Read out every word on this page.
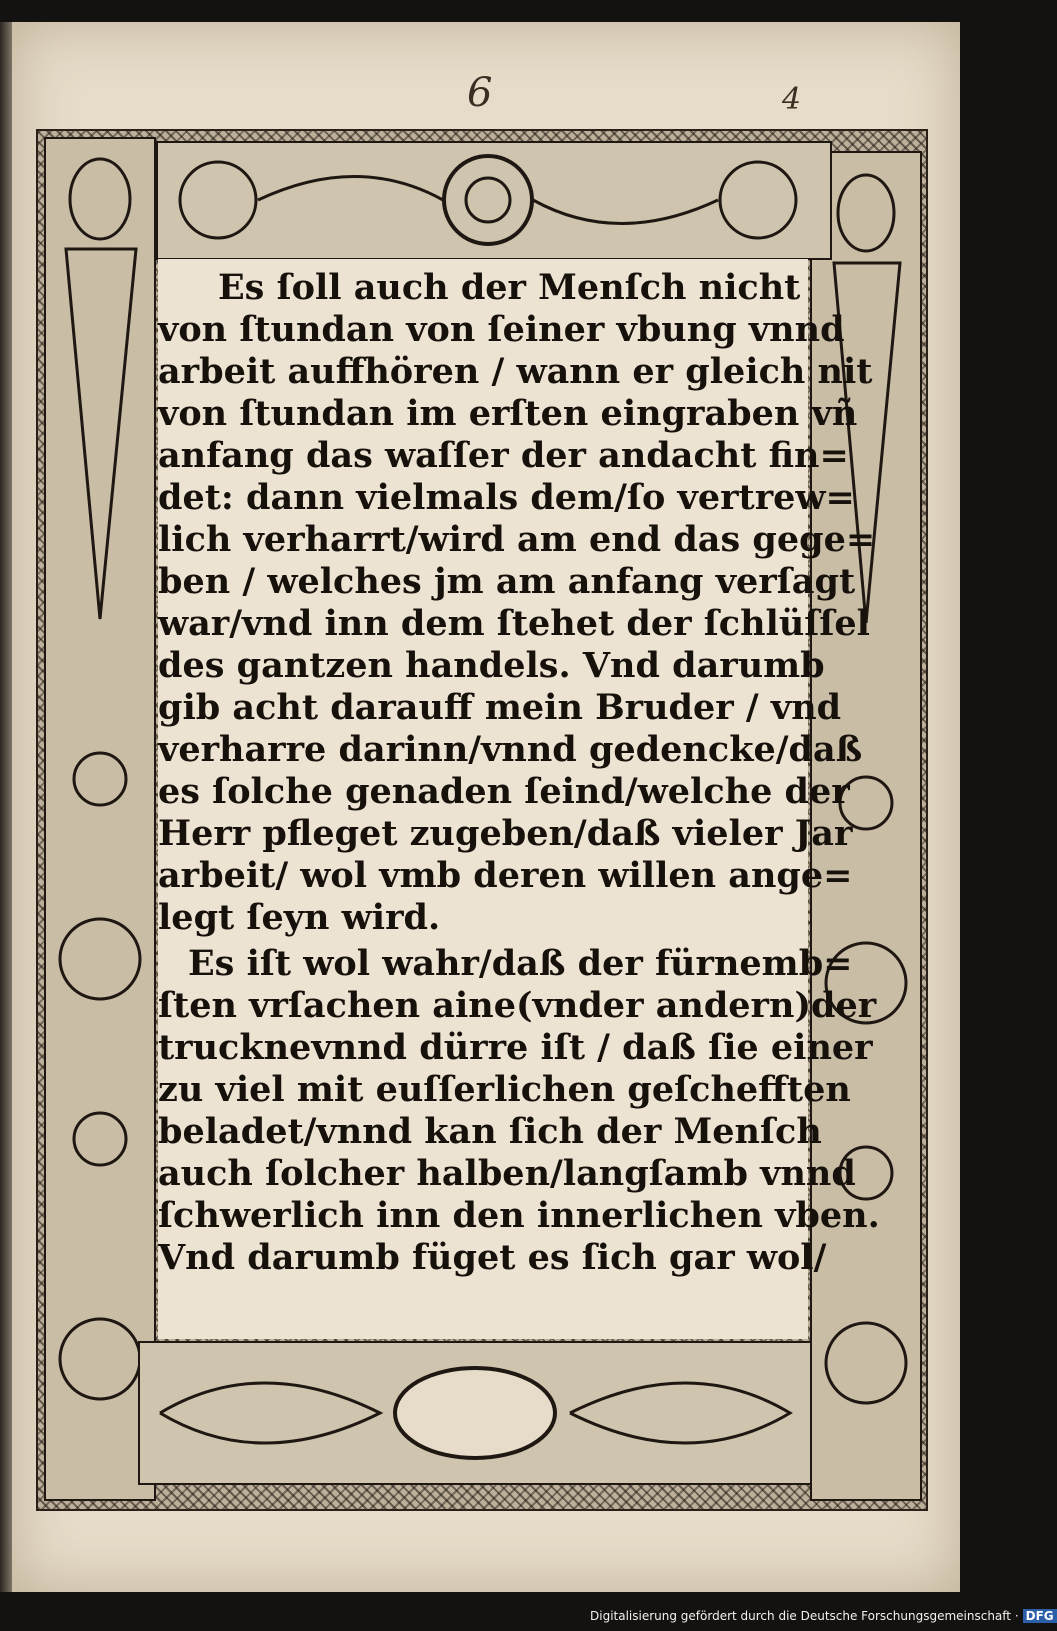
6	4
Es ſoll auch der Menſch nicht
von ſtundan von ſeiner vbung vnnd
arbeit auffhören / wann er gleich nit
von ſtundan im erſten eingraben vñ
anfang das waſſer der andacht fin=
det: dann vielmals dem/ſo vertrew=
lich verharrt/wird am end das gege=
ben / welches jm am anfang verſagt
war/vnd inn dem ſtehet der ſchlüſſel
des gantzen handels. Vnd darumb
gib acht darauff mein Bruder / vnd
verharre darinn/vnnd gedencke/daß
es ſolche genaden ſeind/welche der
Herr pfleget zugeben/daß vieler Jar
arbeit/ wol vmb deren willen ange=
legt ſeyn wird.
Es iſt wol wahr/daß der fürnemb=
ſten vrſachen aine(vnder andern)der
trucknevnnd dürre iſt / daß ſie einer
zu viel mit euſſerlichen geſchefften
beladet/vnnd kan ſich der Menſch
auch ſolcher halben/langſamb vnnd
ſchwerlich inn den innerlichen vben.
Vnd darumb füget es ſich gar wol/
Digitalisierung gefördert durch die Deutsche Forschungsgemeinschaft · DFG
